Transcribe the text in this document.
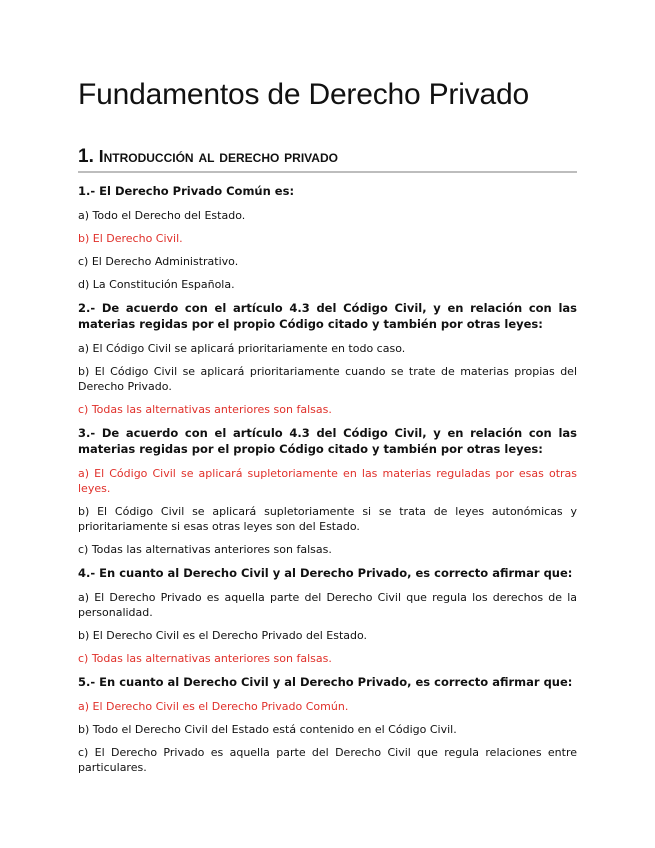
Fundamentos de Derecho Privado
1. Introducción al derecho privado

1.- El Derecho Privado Común es:

a) Todo el Derecho del Estado.

b) El Derecho Civil.

c) El Derecho Administrativo.

d) La Constitución Española.

2.- De acuerdo con el artículo 4.3 del Código Civil, y en relación con las materias regidas por el propio Código citado y también por otras leyes:

a) El Código Civil se aplicará prioritariamente en todo caso.

b) El Código Civil se aplicará prioritariamente cuando se trate de materias propias del Derecho Privado.

c) Todas las alternativas anteriores son falsas.

3.- De acuerdo con el artículo 4.3 del Código Civil, y en relación con las materias regidas por el propio Código citado y también por otras leyes:

a) El Código Civil se aplicará supletoriamente en las materias reguladas por esas otras leyes.

b) El Código Civil se aplicará supletoriamente si se trata de leyes autonómicas y prioritariamente si esas otras leyes son del Estado.

c) Todas las alternativas anteriores son falsas.

4.- En cuanto al Derecho Civil y al Derecho Privado, es correcto afirmar que:

a) El Derecho Privado es aquella parte del Derecho Civil que regula los derechos de la personalidad.

b) El Derecho Civil es el Derecho Privado del Estado.

c) Todas las alternativas anteriores son falsas.

5.- En cuanto al Derecho Civil y al Derecho Privado, es correcto afirmar que:

a) El Derecho Civil es el Derecho Privado Común.

b) Todo el Derecho Civil del Estado está contenido en el Código Civil.

c) El Derecho Privado es aquella parte del Derecho Civil que regula relaciones entre particulares.
